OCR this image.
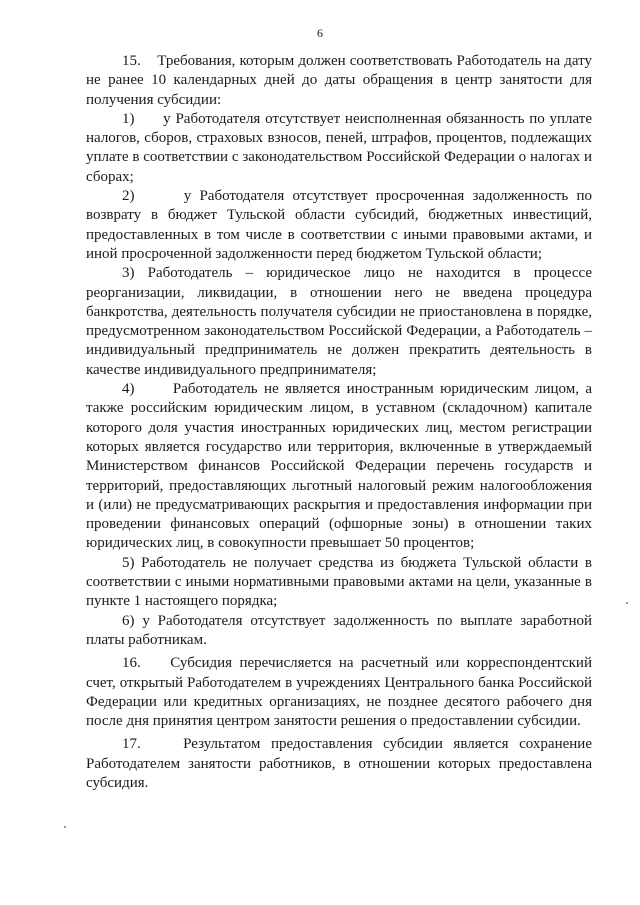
6

15.    Требования, которым должен соответствовать Работодатель на дату не ранее 10 календарных дней до даты обращения в центр занятости для получения субсидии:

1)      у Работодателя отсутствует неисполненная обязанность по уплате налогов, сборов, страховых взносов, пеней, штрафов, процентов, подлежащих уплате в соответствии с законодательством Российской Федерации о налогах и сборах;

2)      у Работодателя отсутствует просроченная задолженность по возврату в бюджет Тульской области субсидий, бюджетных инвестиций, предоставленных в том числе в соответствии с иными правовыми актами, и иной просроченной задолженности перед бюджетом Тульской области;

3) Работодатель – юридическое лицо не находится в процессе реорганизации, ликвидации, в отношении него не введена процедура банкротства, деятельность получателя субсидии не приостановлена в порядке, предусмотренном законодательством Российской Федерации, а Работодатель – индивидуальный предприниматель не должен прекратить деятельность в качестве индивидуального предпринимателя;

4)      Работодатель не является иностранным юридическим лицом, а также российским юридическим лицом, в уставном (складочном) капитале которого доля участия иностранных юридических лиц, местом регистрации которых является государство или территория, включенные в утверждаемый Министерством финансов Российской Федерации перечень государств и территорий, предоставляющих льготный налоговый режим налогообложения и (или) не предусматривающих раскрытия и предоставления информации при проведении финансовых операций (офшорные зоны) в отношении таких юридических лиц, в совокупности превышает 50 процентов;

5) Работодатель не получает средства из бюджета Тульской области в соответствии с иными нормативными правовыми актами на цели, указанные в пункте 1 настоящего порядка;

6) у Работодателя отсутствует задолженность по выплате заработной платы работникам.

16.    Субсидия перечисляется на расчетный или корреспондентский счет, открытый Работодателем в учреждениях Центрального банка Российской Федерации или кредитных организациях, не позднее десятого рабочего дня после дня принятия центром занятости решения о предоставлении субсидии.

17.    Результатом предоставления субсидии является сохранение Работодателем занятости работников, в отношении которых предоставлена субсидия.
